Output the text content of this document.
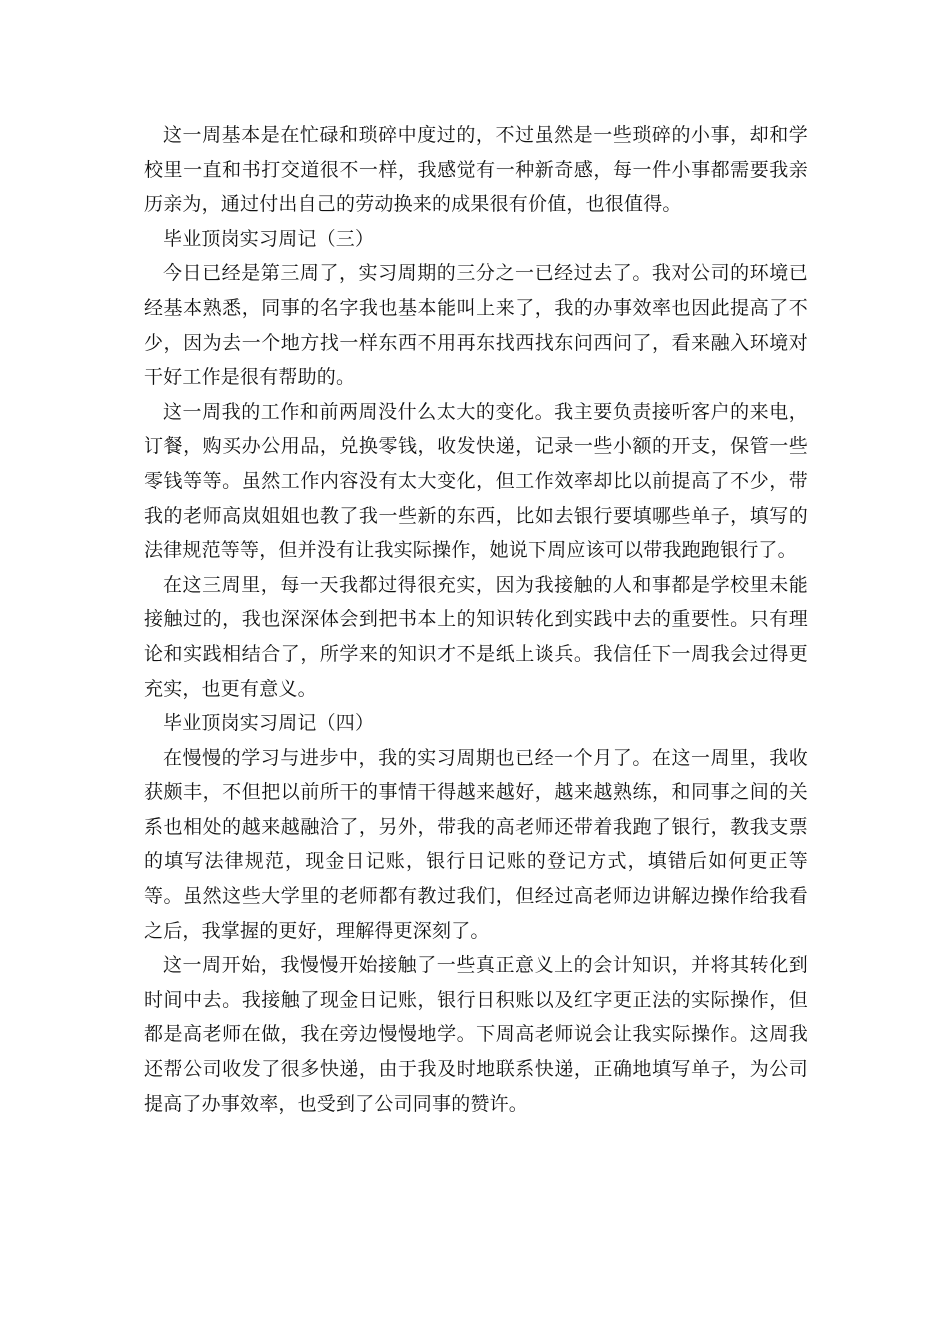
这一周基本是在忙碌和琐碎中度过的，不过虽然是一些琐碎的小事，却和学校里一直和书打交道很不一样，我感觉有一种新奇感，每一件小事都需要我亲历亲为，通过付出自己的劳动换来的成果很有价值，也很值得。

毕业顶岗实习周记（三）

今日已经是第三周了，实习周期的三分之一已经过去了。我对公司的环境已经基本熟悉，同事的名字我也基本能叫上来了，我的办事效率也因此提高了不少，因为去一个地方找一样东西不用再东找西找东问西问了，看来融入环境对干好工作是很有帮助的。

这一周我的工作和前两周没什么太大的变化。我主要负责接听客户的来电，订餐，购买办公用品，兑换零钱，收发快递，记录一些小额的开支，保管一些零钱等等。虽然工作内容没有太大变化，但工作效率却比以前提高了不少，带我的老师高岚姐姐也教了我一些新的东西，比如去银行要填哪些单子，填写的法律规范等等，但并没有让我实际操作，她说下周应该可以带我跑跑银行了。

在这三周里，每一天我都过得很充实，因为我接触的人和事都是学校里未能接触过的，我也深深体会到把书本上的知识转化到实践中去的重要性。只有理论和实践相结合了，所学来的知识才不是纸上谈兵。我信任下一周我会过得更充实，也更有意义。

毕业顶岗实习周记（四）

在慢慢的学习与进步中，我的实习周期也已经一个月了。在这一周里，我收获颇丰，不但把以前所干的事情干得越来越好，越来越熟练，和同事之间的关系也相处的越来越融洽了，另外，带我的高老师还带着我跑了银行，教我支票的填写法律规范，现金日记账，银行日记账的登记方式，填错后如何更正等等。虽然这些大学里的老师都有教过我们，但经过高老师边讲解边操作给我看之后，我掌握的更好，理解得更深刻了。

这一周开始，我慢慢开始接触了一些真正意义上的会计知识，并将其转化到时间中去。我接触了现金日记账，银行日积账以及红字更正法的实际操作，但都是高老师在做，我在旁边慢慢地学。下周高老师说会让我实际操作。这周我还帮公司收发了很多快递，由于我及时地联系快递，正确地填写单子，为公司提高了办事效率，也受到了公司同事的赞许。
